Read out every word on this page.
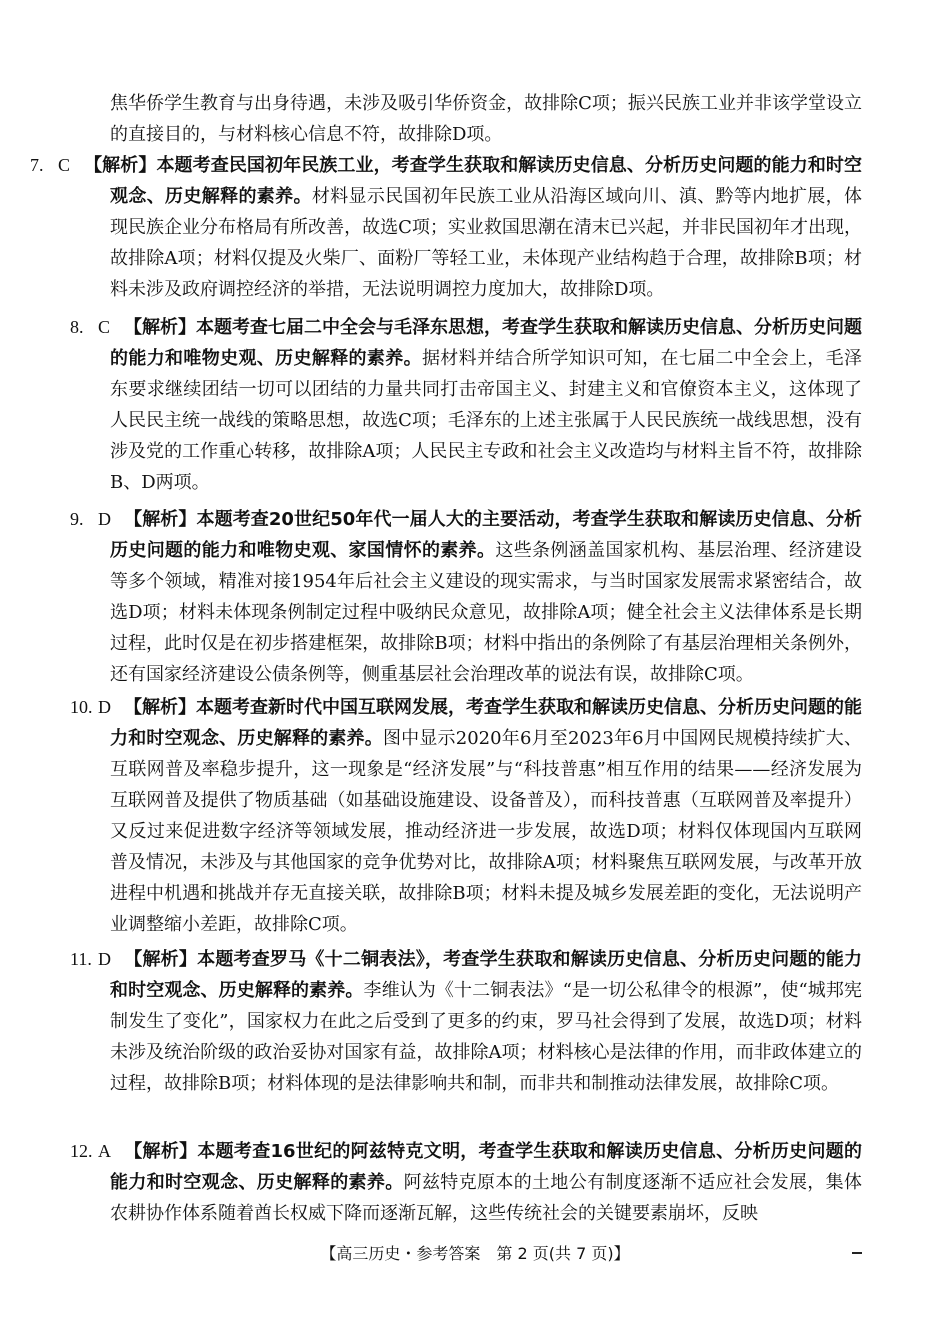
焦华侨学生教育与出身待遇，未涉及吸引华侨资金，故排除C项；振兴民族工业并非该学堂设立的直接目的，与材料核心信息不符，故排除D项。
7. C 【解析】本题考查民国初年民族工业，考查学生获取和解读历史信息、分析历史问题的能力和时空观念、历史解释的素养。材料显示民国初年民族工业从沿海区域向川、滇、黔等内地扩展，体现民族企业分布格局有所改善，故选C项；实业救国思潮在清末已兴起，并非民国初年才出现，故排除A项；材料仅提及火柴厂、面粉厂等轻工业，未体现产业结构趋于合理，故排除B项；材料未涉及政府调控经济的举措，无法说明调控力度加大，故排除D项。
8. C 【解析】本题考查七届二中全会与毛泽东思想，考查学生获取和解读历史信息、分析历史问题的能力和唯物史观、历史解释的素养。据材料并结合所学知识可知，在七届二中全会上，毛泽东要求继续团结一切可以团结的力量共同打击帝国主义、封建主义和官僚资本主义，这体现了人民民主统一战线的策略思想，故选C项；毛泽东的上述主张属于人民民族统一战线思想，没有涉及党的工作重心转移，故排除A项；人民民主专政和社会主义改造均与材料主旨不符，故排除B、D两项。
9. D 【解析】本题考查20世纪50年代一届人大的主要活动，考查学生获取和解读历史信息、分析历史问题的能力和唯物史观、家国情怀的素养。这些条例涵盖国家机构、基层治理、经济建设等多个领域，精准对接1954年后社会主义建设的现实需求，与当时国家发展需求紧密结合，故选D项；材料未体现条例制定过程中吸纳民众意见，故排除A项；健全社会主义法律体系是长期过程，此时仅是在初步搭建框架，故排除B项；材料中指出的条例除了有基层治理相关条例外，还有国家经济建设公债条例等，侧重基层社会治理改革的说法有误，故排除C项。
10. D 【解析】本题考查新时代中国互联网发展，考查学生获取和解读历史信息、分析历史问题的能力和时空观念、历史解释的素养。图中显示2020年6月至2023年6月中国网民规模持续扩大、互联网普及率稳步提升，这一现象是“经济发展”与“科技普惠”相互作用的结果——经济发展为互联网普及提供了物质基础（如基础设施建设、设备普及），而科技普惠（互联网普及率提升）又反过来促进数字经济等领域发展，推动经济进一步发展，故选D项；材料仅体现国内互联网普及情况，未涉及与其他国家的竞争优势对比，故排除A项；材料聚焦互联网发展，与改革开放进程中机遇和挑战并存无直接关联，故排除B项；材料未提及城乡发展差距的变化，无法说明产业调整缩小差距，故排除C项。
11. D 【解析】本题考查罗马《十二铜表法》，考查学生获取和解读历史信息、分析历史问题的能力和时空观念、历史解释的素养。李维认为《十二铜表法》“是一切公私律令的根源”，使“城邦宪制发生了变化”，国家权力在此之后受到了更多的约束，罗马社会得到了发展，故选D项；材料未涉及统治阶级的政治妥协对国家有益，故排除A项；材料核心是法律的作用，而非政体建立的过程，故排除B项；材料体现的是法律影响共和制，而非共和制推动法律发展，故排除C项。
12. A 【解析】本题考查16世纪的阿兹特克文明，考查学生获取和解读历史信息、分析历史问题的能力和时空观念、历史解释的素养。阿兹特克原本的土地公有制度逐渐不适应社会发展，集体农耕协作体系随着酋长权威下降而逐渐瓦解，这些传统社会的关键要素崩坏，反映
【高三历史・参考答案　第 2 页(共 7 页)】
